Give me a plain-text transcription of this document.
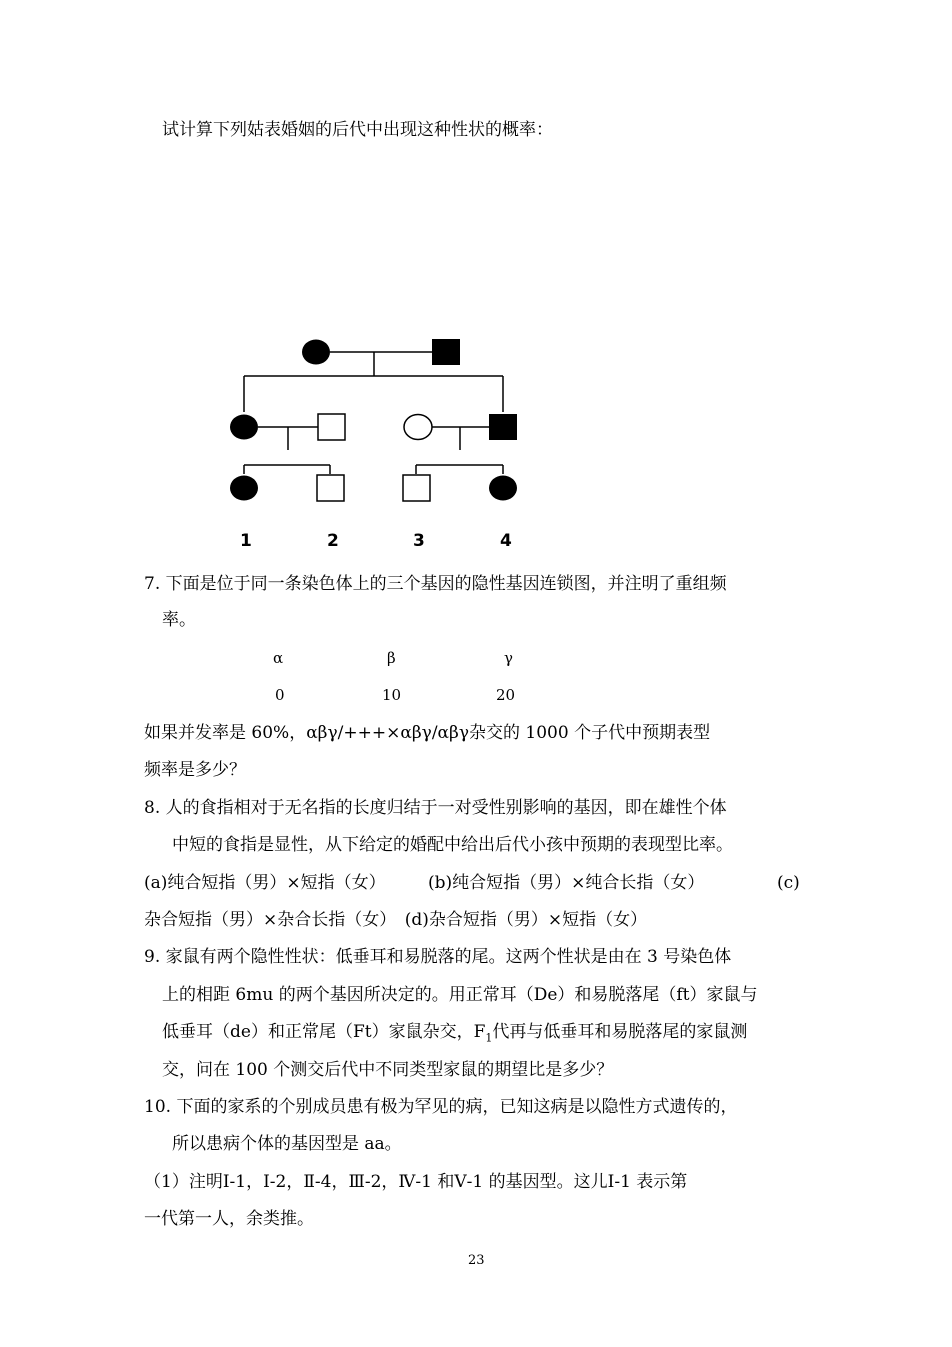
试计算下列姑表婚姻的后代中出现这种性状的概率：
1	2	3	4
7. 下面是位于同一条染色体上的三个基因的隐性基因连锁图，并注明了重组频
率。
α	β	γ
0	10	20
如果并发率是 60%，αβγ/+++×αβγ/αβγ杂交的 1000 个子代中预期表型
频率是多少？
8. 人的食指相对于无名指的长度归结于一对受性别影响的基因，即在雄性个体
中短的食指是显性，从下给定的婚配中给出后代小孩中预期的表现型比率。
(a)纯合短指（男）×短指（女） (b)纯合短指（男）×纯合长指（女）	(c)
杂合短指（男）×杂合长指（女）　(d)杂合短指（男）×短指（女）
9. 家鼠有两个隐性性状：低垂耳和易脱落的尾。这两个性状是由在 3 号染色体
上的相距 6mu 的两个基因所决定的。用正常耳（De）和易脱落尾（ft）家鼠与
低垂耳（de）和正常尾（Ft）家鼠杂交，$F_1$代再与低垂耳和易脱落尾的家鼠测
交，问在 100 个测交后代中不同类型家鼠的期望比是多少？
10. 下面的家系的个别成员患有极为罕见的病，已知这病是以隐性方式遗传的，
所以患病个体的基因型是 aa。
（1）注明Ⅰ-1，Ⅰ-2，Ⅱ-4，Ⅲ-2，Ⅳ-1 和Ⅴ-1 的基因型。这儿Ⅰ-1 表示第
一代第一人，余类推。
23
